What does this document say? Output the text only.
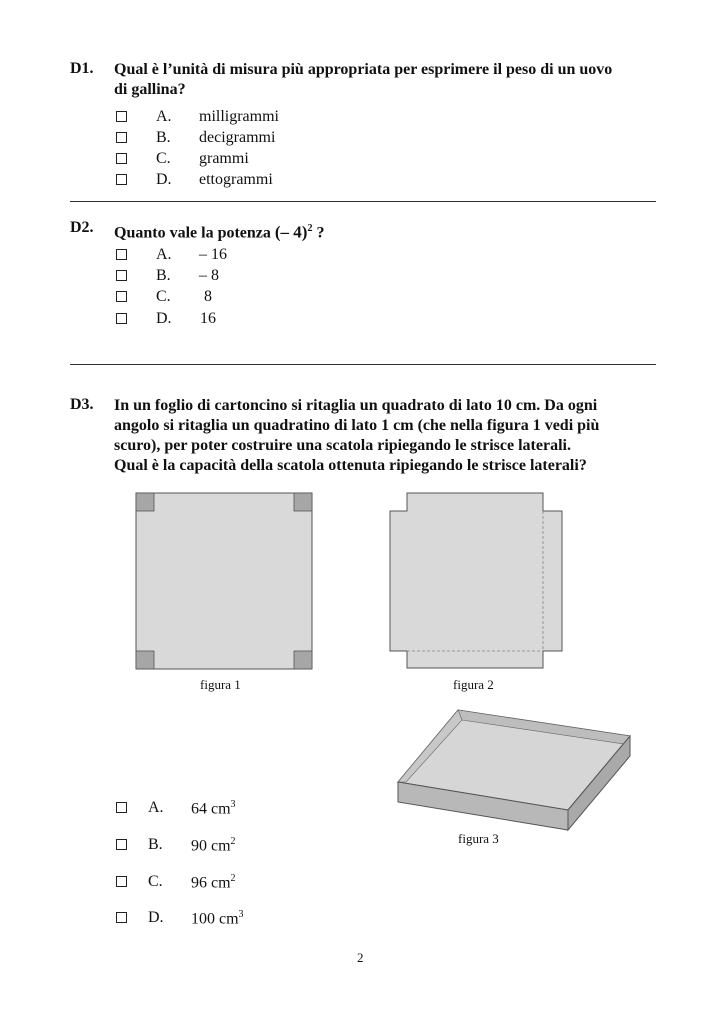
D1. Qual è l’unità di misura più appropriata per esprimere il peso di un uovo
di gallina?
A. milligrammi
B. decigrammi
C. grammi
D. ettogrammi
D2. Quanto vale la potenza (– 4)$^2$ ?
A. – 16
B. – 8
C. 8
D. 16
D3. In un foglio di cartoncino si ritaglia un quadrato di lato 10 cm. Da ogni
angolo si ritaglia un quadratino di lato 1 cm (che nella figura 1 vedi più
scuro), per poter costruire una scatola ripiegando le strisce laterali.
Qual è la capacità della scatola ottenuta ripiegando le strisce laterali?
figura 1	figura 2
figura 3
A. 64 $cm^3$
B. 90 $cm^2$
C. 96 $cm^2$
D. 100 $cm^3$
2
